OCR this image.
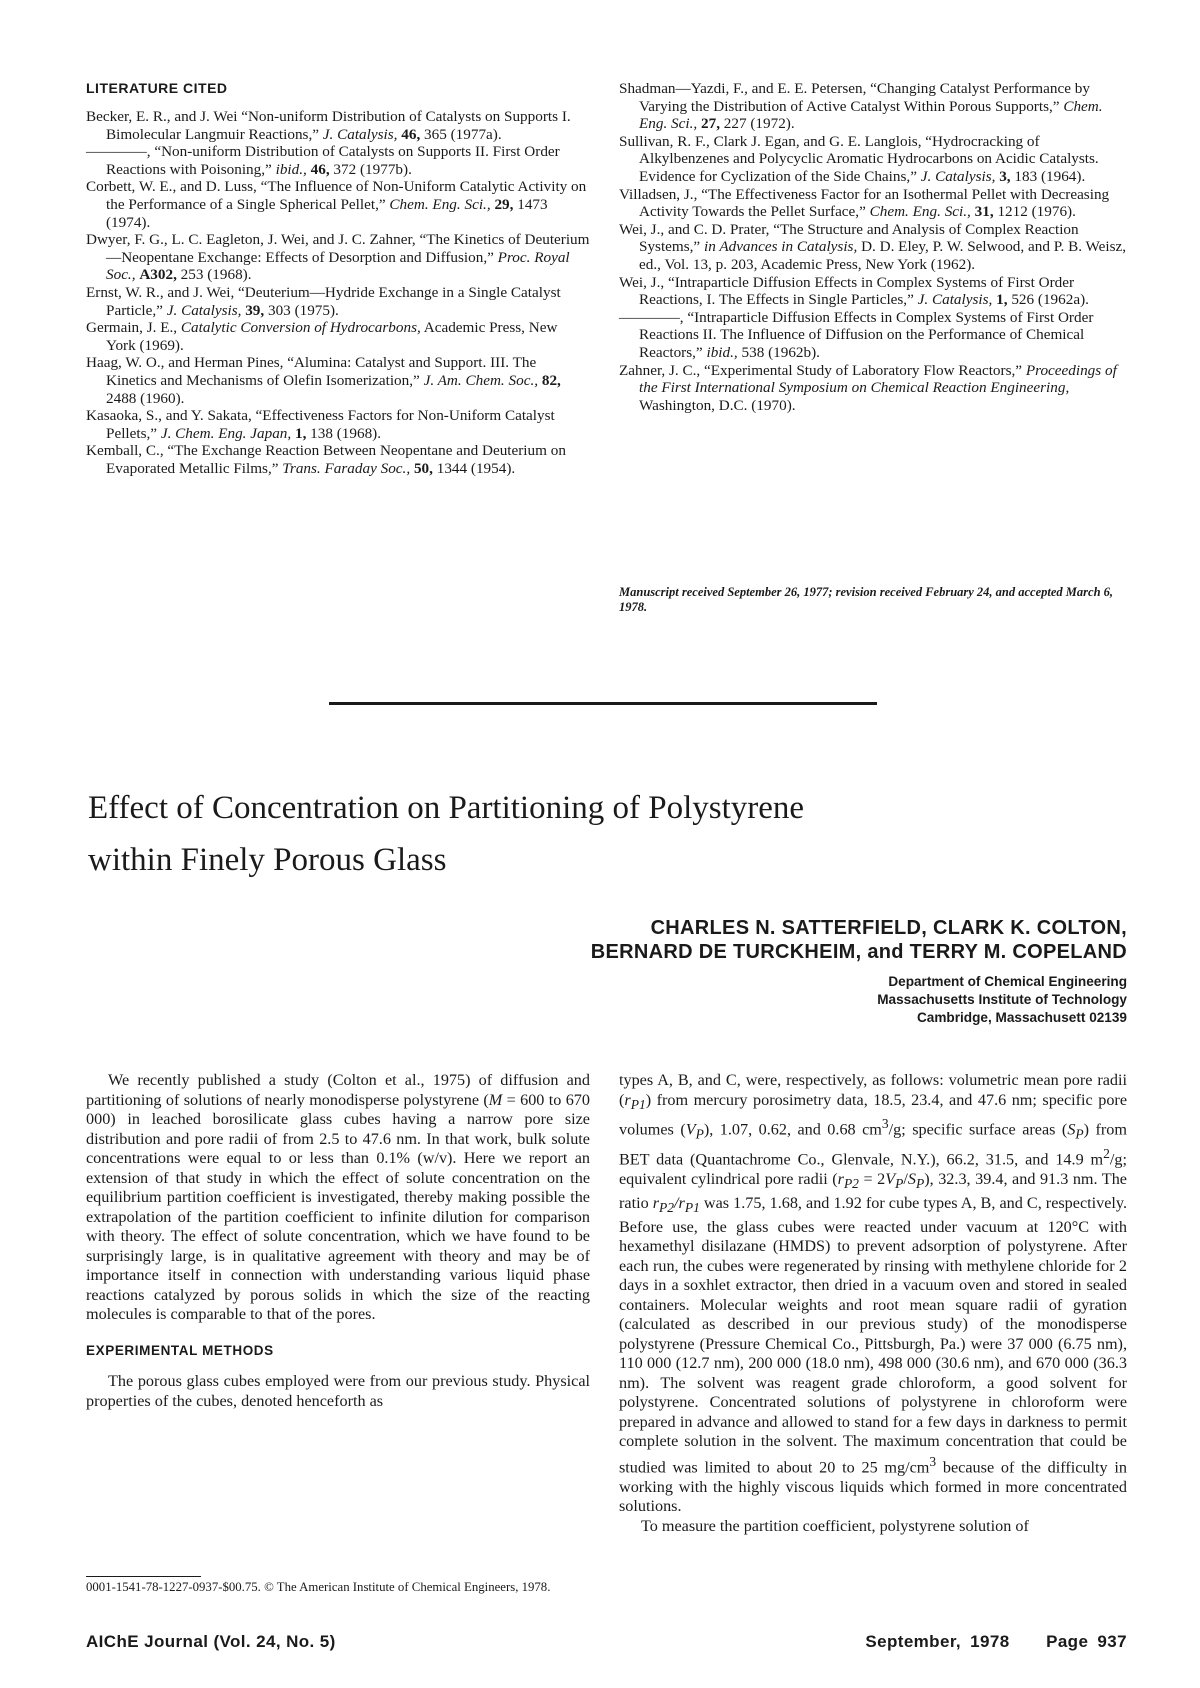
LITERATURE CITED

Becker, E. R., and J. Wei “Non-uniform Distribution of Catalysts on Supports I. Bimolecular Langmuir Reactions,” J. Catalysis, 46, 365 (1977a).

————, “Non-uniform Distribution of Catalysts on Supports II. First Order Reactions with Poisoning,” ibid., 46, 372 (1977b).

Corbett, W. E., and D. Luss, “The Influence of Non-Uniform Catalytic Activity on the Performance of a Single Spherical Pellet,” Chem. Eng. Sci., 29, 1473 (1974).

Dwyer, F. G., L. C. Eagleton, J. Wei, and J. C. Zahner, “The Kinetics of Deuterium—Neopentane Exchange: Effects of Desorption and Diffusion,” Proc. Royal Soc., A302, 253 (1968).

Ernst, W. R., and J. Wei, “Deuterium—Hydride Exchange in a Single Catalyst Particle,” J. Catalysis, 39, 303 (1975).

Germain, J. E., Catalytic Conversion of Hydrocarbons, Academic Press, New York (1969).

Haag, W. O., and Herman Pines, “Alumina: Catalyst and Support. III. The Kinetics and Mechanisms of Olefin Isomerization,” J. Am. Chem. Soc., 82, 2488 (1960).

Kasaoka, S., and Y. Sakata, “Effectiveness Factors for Non-Uniform Catalyst Pellets,” J. Chem. Eng. Japan, 1, 138 (1968).

Kemball, C., “The Exchange Reaction Between Neopentane and Deuterium on Evaporated Metallic Films,” Trans. Faraday Soc., 50, 1344 (1954).

Shadman—Yazdi, F., and E. E. Petersen, “Changing Catalyst Performance by Varying the Distribution of Active Catalyst Within Porous Supports,” Chem. Eng. Sci., 27, 227 (1972).

Sullivan, R. F., Clark J. Egan, and G. E. Langlois, “Hydrocracking of Alkylbenzenes and Polycyclic Aromatic Hydrocarbons on Acidic Catalysts. Evidence for Cyclization of the Side Chains,” J. Catalysis, 3, 183 (1964).

Villadsen, J., “The Effectiveness Factor for an Isothermal Pellet with Decreasing Activity Towards the Pellet Surface,” Chem. Eng. Sci., 31, 1212 (1976).

Wei, J., and C. D. Prater, “The Structure and Analysis of Complex Reaction Systems,” in Advances in Catalysis, D. D. Eley, P. W. Selwood, and P. B. Weisz, ed., Vol. 13, p. 203, Academic Press, New York (1962).

Wei, J., “Intraparticle Diffusion Effects in Complex Systems of First Order Reactions, I. The Effects in Single Particles,” J. Catalysis, 1, 526 (1962a).

————, “Intraparticle Diffusion Effects in Complex Systems of First Order Reactions II. The Influence of Diffusion on the Performance of Chemical Reactors,” ibid., 538 (1962b).

Zahner, J. C., “Experimental Study of Laboratory Flow Reactors,” Proceedings of the First International Symposium on Chemical Reaction Engineering, Washington, D.C. (1970).

Manuscript received September 26, 1977; revision received February 24, and accepted March 6, 1978.
Effect of Concentration on Partitioning of Polystyrene
within Finely Porous Glass
CHARLES N. SATTERFIELD, CLARK K. COLTON,
BERNARD DE TURCKHEIM, and TERRY M. COPELAND
Department of Chemical Engineering
Massachusetts Institute of Technology
Cambridge, Massachusett 02139

We recently published a study (Colton et al., 1975) of diffusion and partitioning of solutions of nearly monodisperse polystyrene (M = 600 to 670 000) in leached borosilicate glass cubes having a narrow pore size distribution and pore radii of from 2.5 to 47.6 nm. In that work, bulk solute concentrations were equal to or less than 0.1% (w/v). Here we report an extension of that study in which the effect of solute concentration on the equilibrium partition coefficient is investigated, thereby making possible the extrapolation of the partition coefficient to infinite dilution for comparison with theory. The effect of solute concentration, which we have found to be surprisingly large, is in qualitative agreement with theory and may be of importance itself in connection with understanding various liquid phase reactions catalyzed by porous solids in which the size of the reacting molecules is comparable to that of the pores.

EXPERIMENTAL METHODS

The porous glass cubes employed were from our previous study. Physical properties of the cubes, denoted henceforth as

types A, B, and C, were, respectively, as follows: volumetric mean pore radii $(r_{P1})$ from mercury porosimetry data, 18.5, 23.4, and 47.6 nm; specific pore volumes $(V_P)$, 1.07, 0.62, and 0.68 $cm^3/g$; specific surface areas $(S_P)$ from BET data (Quantachrome Co., Glenvale, N.Y.), 66.2, 31.5, and 14.9 $m^2/g$; equivalent cylindrical pore radii $(r_{P2} = 2V_P/S_P)$, 32.3, 39.4, and 91.3 nm. The ratio $r_{P2}/r_{P1}$ was 1.75, 1.68, and 1.92 for cube types A, B, and C, respectively. Before use, the glass cubes were reacted under vacuum at 120°C with hexamethyl disilazane (HMDS) to prevent adsorption of polystyrene. After each run, the cubes were regenerated by rinsing with methylene chloride for 2 days in a soxhlet extractor, then dried in a vacuum oven and stored in sealed containers. Molecular weights and root mean square radii of gyration (calculated as described in our previous study) of the monodisperse polystyrene (Pressure Chemical Co., Pittsburgh, Pa.) were 37 000 (6.75 nm), 110 000 (12.7 nm), 200 000 (18.0 nm), 498 000 (30.6 nm), and 670 000 (36.3 nm). The solvent was reagent grade chloroform, a good solvent for polystyrene. Concentrated solutions of polystyrene in chloroform were prepared in advance and allowed to stand for a few days in darkness to permit complete solution in the solvent. The maximum concentration that could be studied was limited to about 20 to 25 $mg/cm^3$ because of the difficulty in working with the highly viscous liquids which formed in more concentrated solutions.

To measure the partition coefficient, polystyrene solution of

0001-1541-78-1227-0937-$00.75. © The American Institute of Chemical Engineers, 1978.
AIChE Journal (Vol. 24, No. 5)	September, 1978 Page 937
